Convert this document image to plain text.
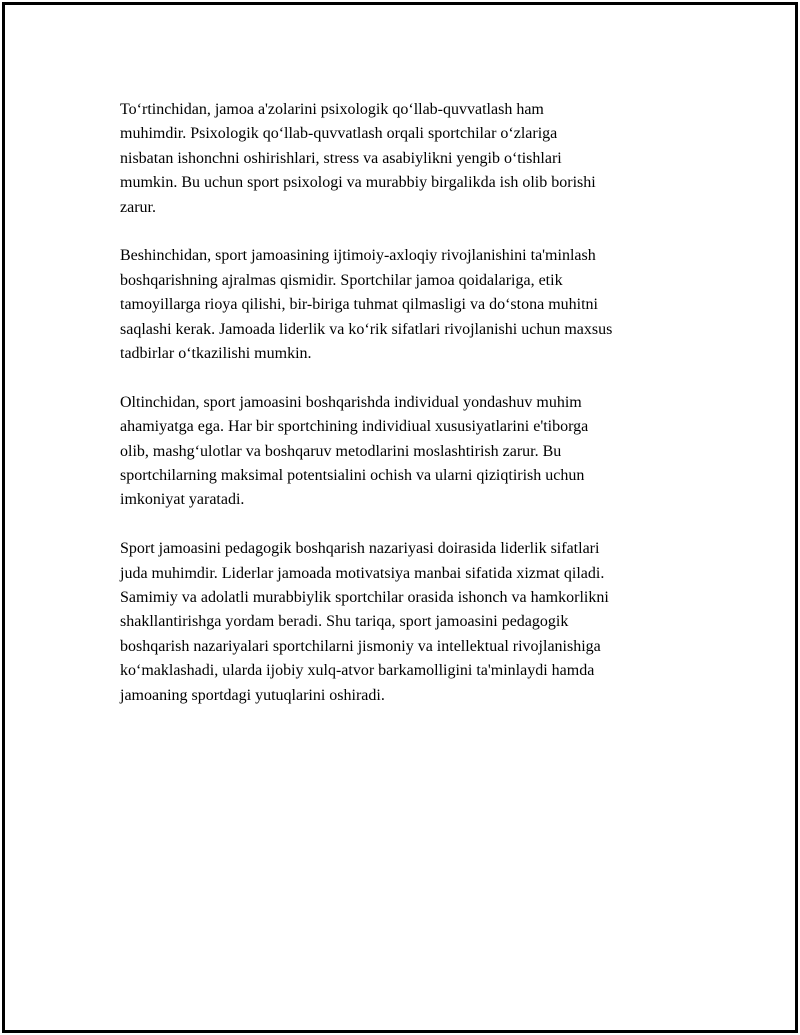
To‘rtinchidan, jamoa a'zolarini psixologik qo‘llab-quvvatlash ham
muhimdir. Psixologik qo‘llab-quvvatlash orqali sportchilar o‘zlariga
nisbatan ishonchni oshirishlari, stress va asabiylikni yengib o‘tishlari
mumkin. Bu uchun sport psixologi va murabbiy birgalikda ish olib borishi
zarur.

Beshinchidan, sport jamoasining ijtimoiy-axloqiy rivojlanishini ta'minlash
boshqarishning ajralmas qismidir. Sportchilar jamoa qoidalariga, etik
tamoyillarga rioya qilishi, bir-biriga tuhmat qilmasligi va do‘stona muhitni
saqlashi kerak. Jamoada liderlik va ko‘rik sifatlari rivojlanishi uchun maxsus
tadbirlar o‘tkazilishi mumkin.

Oltinchidan, sport jamoasini boshqarishda individual yondashuv muhim
ahamiyatga ega. Har bir sportchining individiual xususiyatlarini e'tiborga
olib, mashg‘ulotlar va boshqaruv metodlarini moslashtirish zarur. Bu
sportchilarning maksimal potentsialini ochish va ularni qiziqtirish uchun
imkoniyat yaratadi.

Sport jamoasini pedagogik boshqarish nazariyasi doirasida liderlik sifatlari
juda muhimdir. Liderlar jamoada motivatsiya manbai sifatida xizmat qiladi.
Samimiy va adolatli murabbiylik sportchilar orasida ishonch va hamkorlikni
shakllantirishga yordam beradi. Shu tariqa, sport jamoasini pedagogik
boshqarish nazariyalari sportchilarni jismoniy va intellektual rivojlanishiga
ko‘maklashadi, ularda ijobiy xulq-atvor barkamolligini ta'minlaydi hamda
jamoaning sportdagi yutuqlarini oshiradi.
